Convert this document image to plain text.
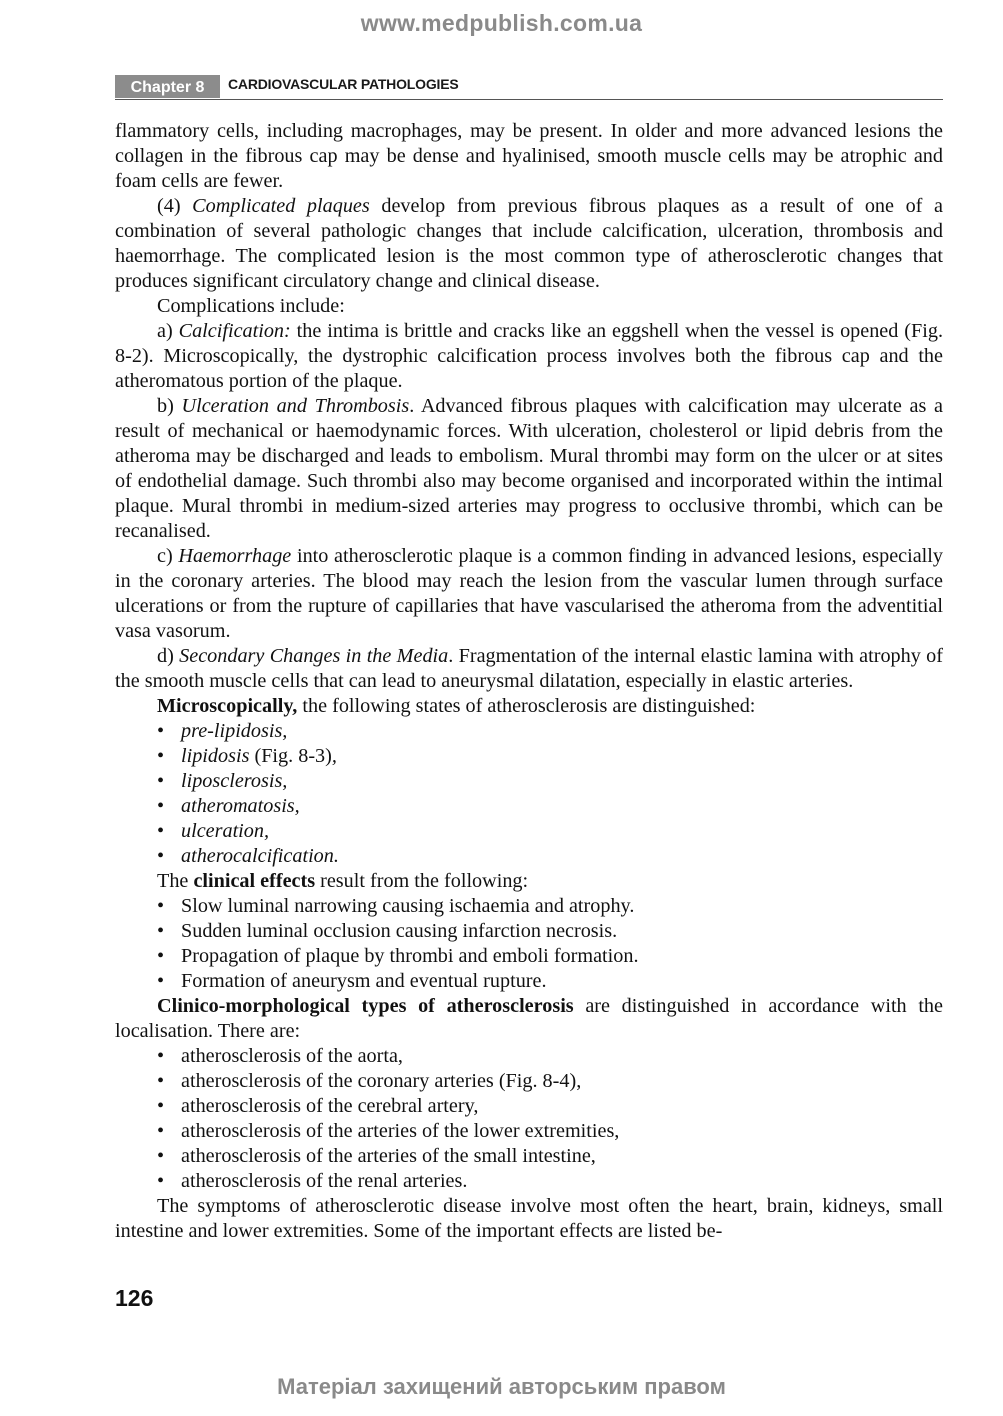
www.medpublish.com.ua
Chapter 8	CARDIOVASCULAR PATHOLOGIES

flammatory cells, including macrophages, may be present. In older and more advanced lesions the collagen in the fibrous cap may be dense and hyalinised, smooth muscle cells may be atrophic and foam cells are fewer.

(4) Complicated plaques develop from previous fibrous plaques as a result of one of a combination of several pathologic changes that include calcification, ulceration, thrombosis and haemorrhage. The complicated lesion is the most common type of atherosclerotic changes that produces significant circulatory change and clinical disease.

Complications include:

a) Calcification: the intima is brittle and cracks like an eggshell when the vessel is opened (Fig. 8-2). Microscopically, the dystrophic calcification process involves both the fibrous cap and the atheromatous portion of the plaque.

b) Ulceration and Thrombosis. Advanced fibrous plaques with calcification may ulcerate as a result of mechanical or haemodynamic forces. With ulceration, cholesterol or lipid debris from the atheroma may be discharged and leads to embolism. Mural thrombi may form on the ulcer or at sites of endothelial damage. Such thrombi also may become organised and incorporated within the intimal plaque. Mural thrombi in medium-sized arteries may progress to occlusive thrombi, which can be recanalised.

c) Haemorrhage into atherosclerotic plaque is a common finding in advanced lesions, especially in the coronary arteries. The blood may reach the lesion from the vascular lumen through surface ulcerations or from the rupture of capillaries that have vascularised the atheroma from the adventitial vasa vasorum.

d) Secondary Changes in the Media. Fragmentation of the internal elastic lamina with atrophy of the smooth muscle cells that can lead to aneurysmal dilatation, especially in elastic arteries.

Microscopically, the following states of atherosclerosis are distinguished:

• pre-lipidosis,
• lipidosis (Fig. 8-3),
• liposclerosis,
• atheromatosis,
• ulceration,
• atherocalcification.

The clinical effects result from the following:

• Slow luminal narrowing causing ischaemia and atrophy.
• Sudden luminal occlusion causing infarction necrosis.
• Propagation of plaque by thrombi and emboli formation.
• Formation of aneurysm and eventual rupture.

Clinico-morphological types of atherosclerosis are distinguished in accordance with the localisation. There are:

• atherosclerosis of the aorta,
• atherosclerosis of the coronary arteries (Fig. 8-4),
• atherosclerosis of the cerebral artery,
• atherosclerosis of the arteries of the lower extremities,
• atherosclerosis of the arteries of the small intestine,
• atherosclerosis of the renal arteries.

The symptoms of atherosclerotic disease involve most often the heart, brain, kidneys, small intestine and lower extremities. Some of the important effects are listed be-

126
Матеріал захищений авторським правом
